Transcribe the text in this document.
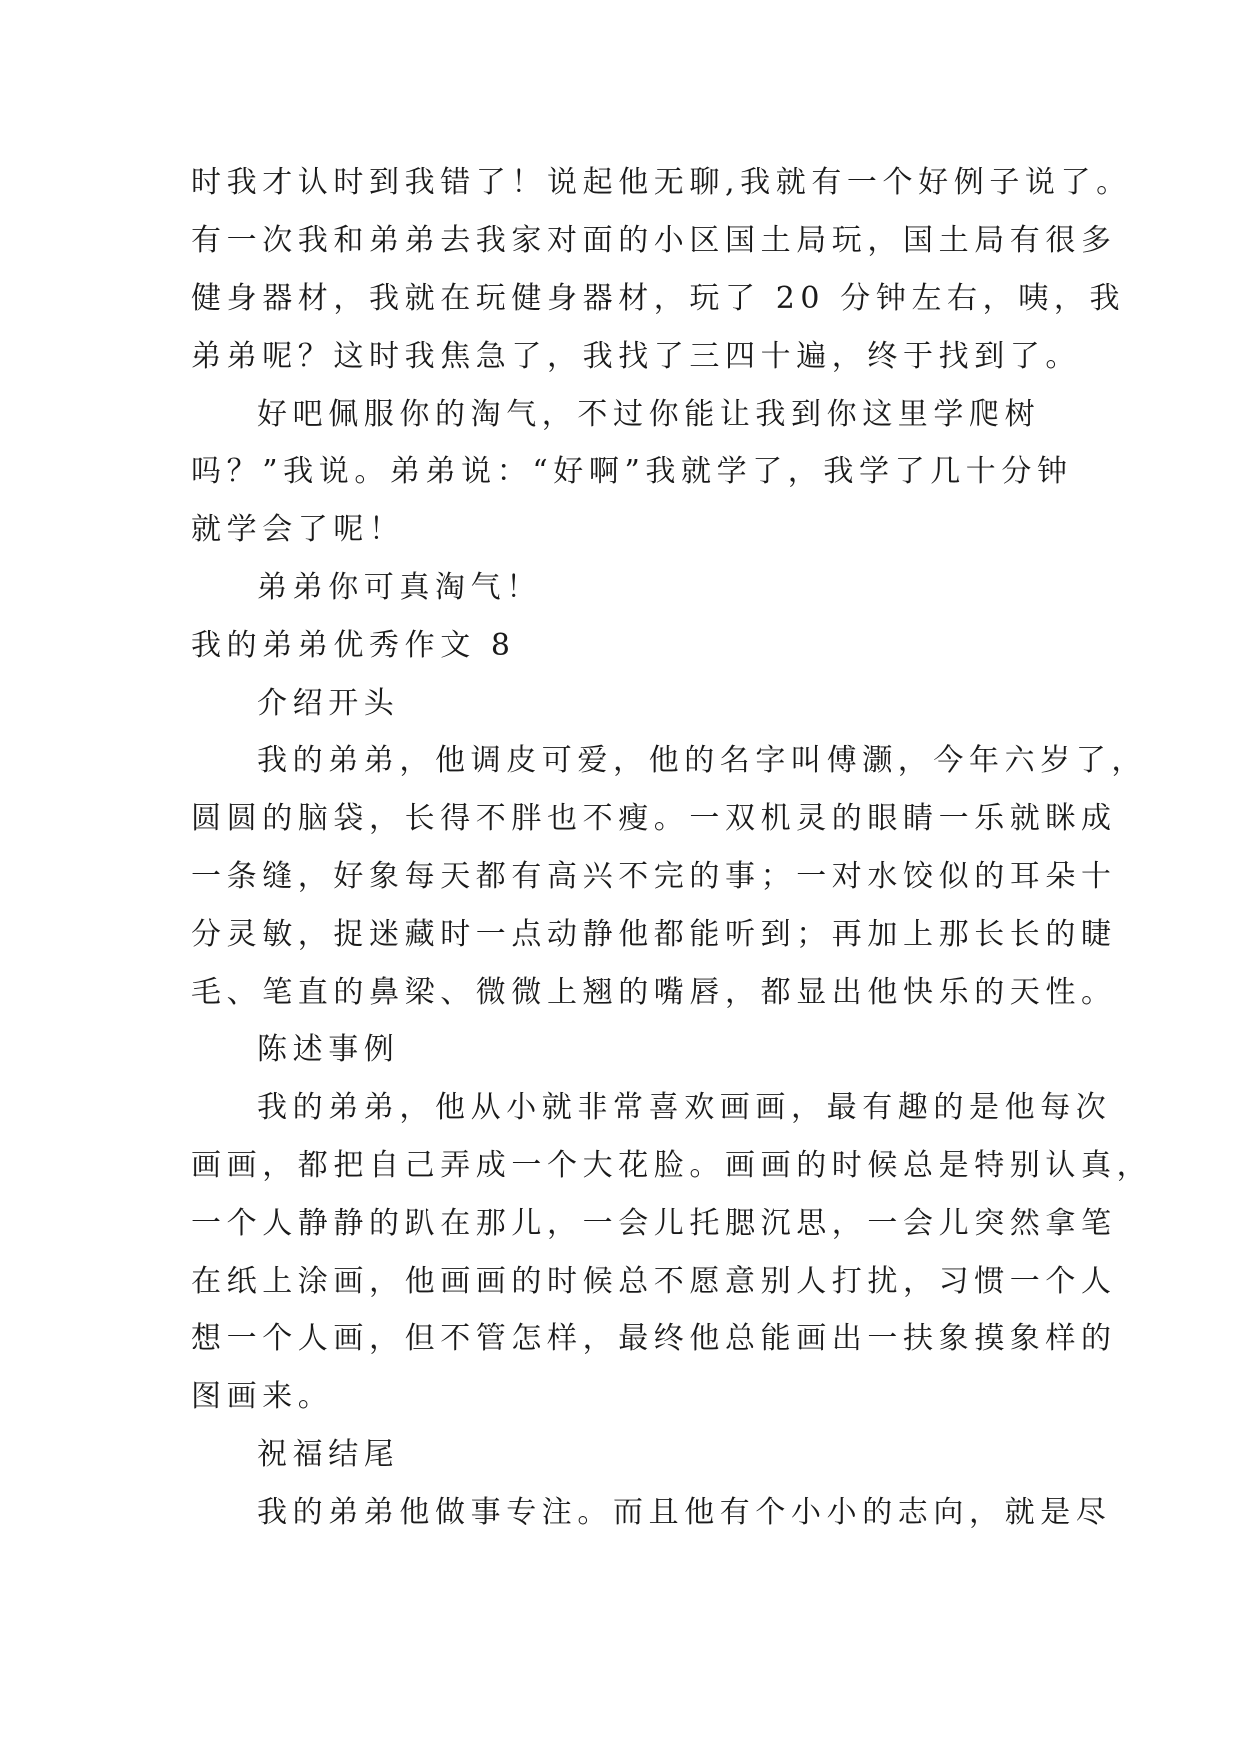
时我才认时到我错了！说起他无聊,我就有一个好例子说了。
有一次我和弟弟去我家对面的小区国土局玩，国土局有很多
健身器材，我就在玩健身器材，玩了 20 分钟左右，咦，我
弟弟呢？这时我焦急了，我找了三四十遍，终于找到了。
好吧佩服你的淘气，不过你能让我到你这里学爬树
吗？”我说。弟弟说：“好啊”我就学了，我学了几十分钟
就学会了呢！
弟弟你可真淘气！
我的弟弟优秀作文 8
介绍开头
我的弟弟，他调皮可爱，他的名字叫傅灏，今年六岁了，
圆圆的脑袋，长得不胖也不瘦。一双机灵的眼睛一乐就眯成
一条缝，好象每天都有高兴不完的事；一对水饺似的耳朵十
分灵敏，捉迷藏时一点动静他都能听到；再加上那长长的睫
毛、笔直的鼻梁、微微上翘的嘴唇，都显出他快乐的天性。
陈述事例
我的弟弟，他从小就非常喜欢画画，最有趣的是他每次
画画，都把自己弄成一个大花脸。画画的时候总是特别认真，
一个人静静的趴在那儿，一会儿托腮沉思，一会儿突然拿笔
在纸上涂画，他画画的时候总不愿意别人打扰，习惯一个人
想一个人画，但不管怎样，最终他总能画出一扶象摸象样的
图画来。
祝福结尾
我的弟弟他做事专注。而且他有个小小的志向，就是尽
